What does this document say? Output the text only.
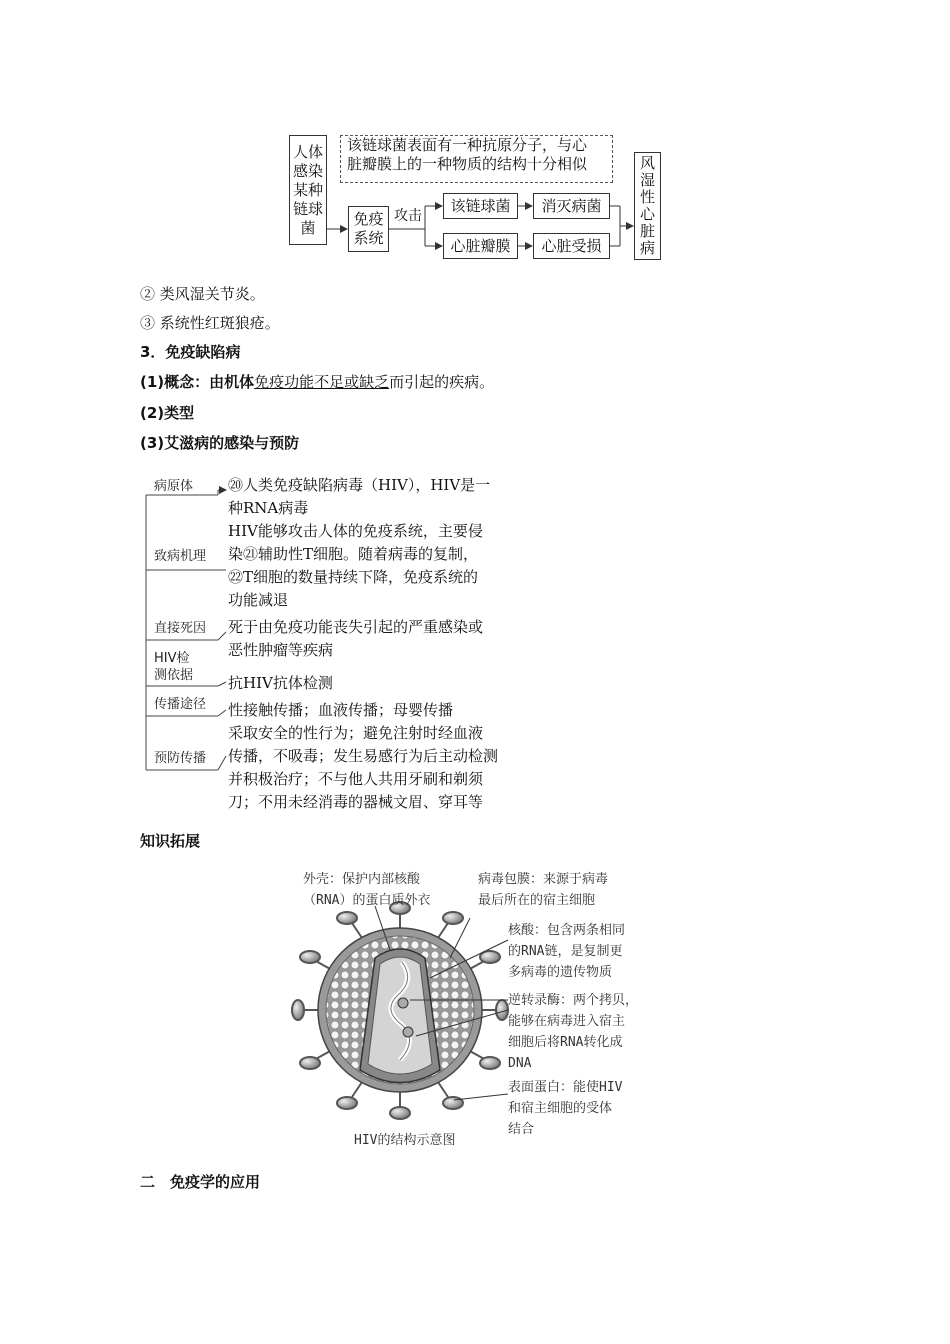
人体
感染
某种
链球
菌
该链球菌表面有一种抗原分子，与心
脏瓣膜上的一种物质的结构十分相似
免疫
系统
攻击
该链球菌	消灭病菌
心脏瓣膜	心脏受损
风
湿
性
心
脏
病
② 类风湿关节炎。
③ 系统性红斑狼疮。
3．免疫缺陷病
(1)概念：由机体免疫功能不足或缺乏而引起的疾病。
(2)类型
(3)艾滋病的感染与预防
病原体 ⑳人类免疫缺陷病毒（HIV），HIV是一
种RNA病毒
致病机理
HIV能够攻击人体的免疫系统，主要侵
染㉑辅助性T细胞。随着病毒的复制，
㉒T细胞的数量持续下降，免疫系统的
功能减退
直接死因 死于由免疫功能丧失引起的严重感染或
恶性肿瘤等疾病
HIV检
测依据 抗HIV抗体检测
传播途径 性接触传播；血液传播；母婴传播
预防传播
采取安全的性行为；避免注射时经血液
传播，不吸毒；发生易感行为后主动检测
并积极治疗；不与他人共用牙刷和剃须
刀；不用未经消毒的器械文眉、穿耳等
知识拓展
外壳：保护内部核酸
（RNA）的蛋白质外衣
病毒包膜：来源于病毒
最后所在的宿主细胞
核酸：包含两条相同
的RNA链，是复制更
多病毒的遗传物质
逆转录酶：两个拷贝，
能够在病毒进入宿主
细胞后将RNA转化成
DNA
表面蛋白：能使HIV
和宿主细胞的受体
结合
HIV的结构示意图
二　免疫学的应用
